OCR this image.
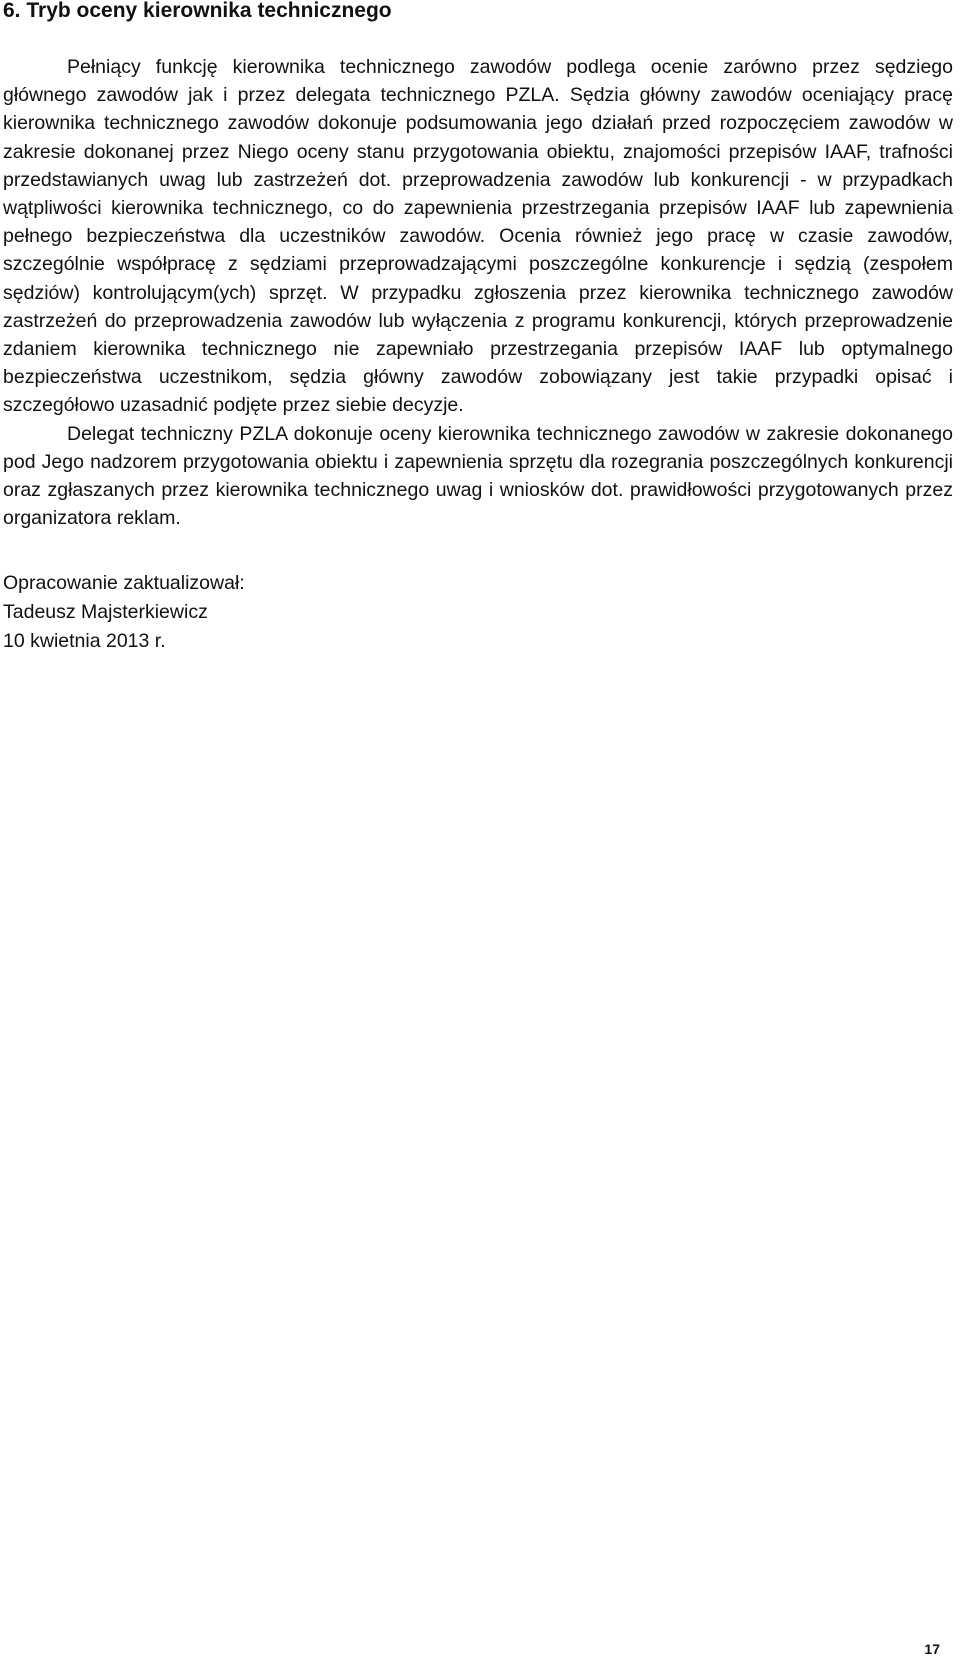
6. Tryb oceny kierownika technicznego

Pełniący funkcję kierownika technicznego zawodów podlega ocenie zarówno przez sędziego głównego zawodów jak i przez delegata technicznego PZLA. Sędzia główny zawodów oceniający pracę kierownika technicznego zawodów dokonuje podsumowania jego działań przed rozpoczęciem zawodów w zakresie dokonanej przez Niego oceny stanu przygotowania obiektu, znajomości przepisów IAAF, trafności przedstawianych uwag lub zastrzeżeń dot. przeprowadzenia zawodów lub konkurencji - w przypadkach wątpliwości kierownika technicznego, co do zapewnienia przestrzegania przepisów IAAF lub zapewnienia pełnego bezpieczeństwa dla uczestników zawodów. Ocenia również jego pracę w czasie zawodów, szczególnie współpracę z sędziami przeprowadzającymi poszczególne konkurencje i sędzią (zespołem sędziów) kontrolującym(ych) sprzęt. W przypadku zgłoszenia przez kierownika technicznego zawodów zastrzeżeń do przeprowadzenia zawodów lub wyłączenia z programu konkurencji, których przeprowadzenie zdaniem kierownika technicznego nie zapewniało przestrzegania przepisów IAAF lub optymalnego bezpieczeństwa uczestnikom, sędzia główny zawodów zobowiązany jest takie przypadki opisać i szczegółowo uzasadnić podjęte przez siebie decyzje.

Delegat techniczny PZLA dokonuje oceny kierownika technicznego zawodów w zakresie dokonanego pod Jego nadzorem przygotowania obiektu i zapewnienia sprzętu dla rozegrania poszczególnych konkurencji oraz zgłaszanych przez kierownika technicznego uwag i wniosków dot. prawidłowości przygotowanych przez organizatora reklam.

Opracowanie zaktualizował:
Tadeusz Majsterkiewicz
10 kwietnia 2013 r.
17
